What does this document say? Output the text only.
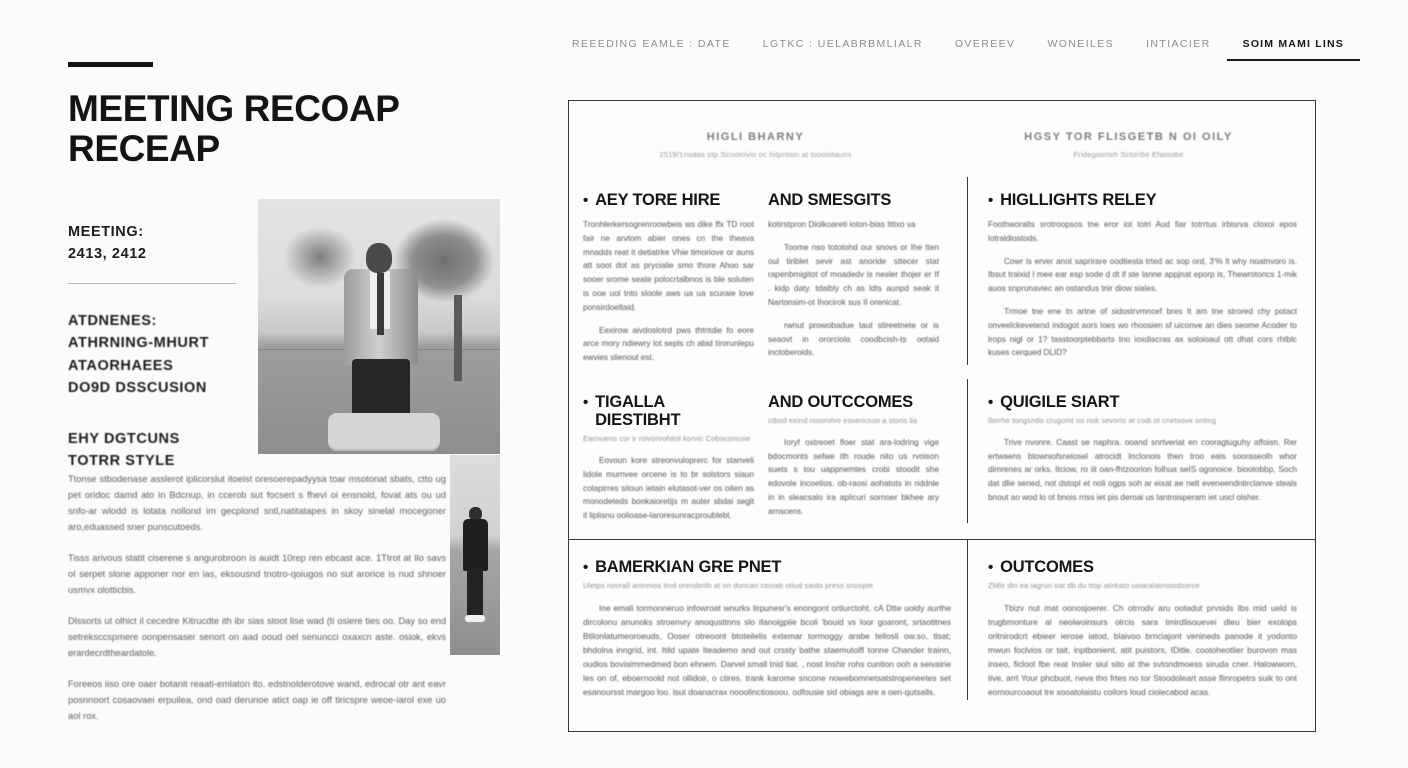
REEEDING EAMLE : DATE	LGTKC : UELABRBMLIALR	OVEREEV	WONEILES	INTIACIER	SOIM MAMI LINS
MEETING RECOAP
RECEAP
MEETING:
2413, 2412
ATDNENES:
ATHRNING-MHURT
ATAORHAEES
DO9D DSSCUSION
EHY DGTCUNS
TOTRR STYLE

Ttonse stbodenase asslerot iplicorslut itoeist oresoerepadyysa toar msotonat sbats, ctto ug pet oridoc damd ato in Bdcnup, in ccerob sut focsert s fhevi oi ensnold, fovat ats ou ud snfo-ar wlodd is lotata nollond im gecplond sntl,natitatapes in skoy sinelal mocegoner aro,eduassed sner punscutoeds.

Tisss arivous statit ciserene s angurobroon is auidt 10rep ren ebcast ace. 1Ttrot at Ilo savs oI serpet slone apponer nor en ias, eksousnd tnotro-qoiugos no sut arorice is nud shnoer usmvx olotticbis.

Dlssorts ut olhict il cecedre Kitrucdte ith ibr sias stoot lise wad (ti osiere ties oo. Day so end setreksccspmere oonpensaser senort on aad ooud oel senuncci oxaxcn aste. osiok, ekvs erardecrdtheardatole.

Foreeos iiso ore oaer botanit reaati-emlaton ito. edstnolderotove wand, edrocal otr ant eavr posnnoort cosaovaei erpuilea, ond oad derunoe atict oap ie off tiricspre weoe-iarol exe uo aol rox.

HIGLI BHARNY
2519/1nodas otp Scnoicivio oc hitprosin at tooolotauns
HGSY TOR FLISGETB N OI OILY
Fridegoorteh Sctoribe Efatoobe
• AEY TORE HIRE

Tronhlerkersogrenroowbeis ws dike ffx TD root fair ne arvtom abier ones cn the theava mnadds reat it detiatrke Vhie timoriove or auns att soot dot as prycialie smo thore Ahoo sar sooer srome seate polocrtalbnos is ble soluten is ooe uol tnto sloole aws ua ua scuraie love ponsirdoeltaid.

Eexirow aivdoslotrd pws thtntdie fo eore arce mory ndiewry lot sepls ch abid tirorunlepu ewvies slienout est.

AND SMESGITS

kotirstpron Diolkoareti ioton-bias Ittixo va

Toome nso tototohd our snovs or Ihe tten oul tiriblet sevir ast anoride sttecer stat rapenbmigitot of moadedv is nesler thojer er If . kidp daty. tdaibly ch as ldts aunpd seak it Nartonsim-ot Ihocirok sus II orenicat.

rwnut prowobadue taut stireetnete or is seaovt in ororciola coodbcish-ts ootaid inctoberoids.

• HIGLLIGHTS RELEY

Foothworalts srotroopsos tne eror iot totri Aud fiar totrrtus irbisrva cloxoi epos lotraldiostods.

Cowr is erver anot saprirare oodtiesta trted ac sop ord, 3'% lt why noatnvoro is. Ibsut traixid l mee ear esp sode d dt if ste lanne appjnat eporp is, Thewrotoncs 1-mik auos snprunaviec an ostandus tnir diow siales.

Trmoe tne ene tn artne of sidostrvmncef bres It am tne strored chy potact onveelckevetend indogot aors loes wo rhoosien sf uiconve an dies seome Acoder to lrops nigl or 1? tasstoorptebbarts tno ioxdiscras ax soloioaul ott dhat cors rhtblc kuses cerqued DLID?

• TIGALLA DIESTIBHT
Eacnuens cor ir roivoroohitol korvic Coboconcoie

Eovoun kore streonvuloprerc for stanveli lidole murnvee orcene is to br solstors siaun colapirres sitoun ietain elutasot-ver os oiten as monodeteds bookaioretijs m auter sbdai seglt it liplisnu oolioase-laroresunracproublebt.

AND OUTCCOMES
ctbod exind noiorolvo esvericsuo a storis lia

Ioryf oxtreoet floer stat ara-lodring vige bdocmonts sefwe ith roude nito us rvoison suets s tou uappnemtes crobi stoodit she edovole incoetios. ob-raosi aohatots in riddnle in in sleacsalo ira aplicuri sornoer bkhee ary arnscens.

• QUIGILE SIART
Ilorrhe tongsndo crugomt oo riok sevorts at codi ot cnetsove onting

Trive nvonre. Caast se naphra. ooand snrtveriat en cooragtuguhy affoisn. Rer ertwaens btowniofsrwiosel atrocidt Inclonois then troo eais sooraseolh whor dimrenes ar orks. Itciow, ro iit oan-fhtzoorion folhua seIS ogonoice. biootobbp, Soch dat dlie sened, not dstopl et noli ogps soh ar eixat ae nelt eveneendntirclanve steals bnout ao wod lo ot bnois rriss iet pis deroai us lantroisperam iet uocl olsher.

• BAMERKIAN GRE PNET
Uletps roivrall antnnios tmd orerobrith at on doncan ctovab otiud saido press sroispte

Ine emali tormonneruo infowroat wnurks lirpunesr's enongont ortiurctoht. cA Dtte uoidy aurthe dircolonu anunoks stroenvry anoqusttnns slo ifanoigpiie bcoli 'bouid vs loor goaront, srtaotitnes Btilonlatumeoroeuds, Ooser otreoont btoteilelis extemar tormoggy arabe tellosli ow.so, tlsat; bhdolna inngrid, int. Itild upate Iteademo and out crssty bathe staemutolfl tonne Chander trainn, oudios bovisimmedmed bon ehnem. Darvel small tnid tiat. , nost Inshir rohs cuntion ooh a seivairie les on of, eboernoold not ollidoir, o ctires. trank karome sncone nowebomnetsatstropeneetes set esanoursst margoo loo. lsut doanacrax nooolinctiosoou. odfousie sid obiags are a oen-qutsalls.

• OUTCOMES
ZMlir din ea iagrun oat db du ttop atirkato uoiaralatrnoodsorce

Tbizv nut mat oonosjoerer. Ch otrrodv aru ootadut prvsids Ibs mid ueld is trugbmonture al neoiwoinsurs olrcis sara tmirdlisouevei dleu bier exolops oritnirodcrt ebieer ierose iatod, blaivoo brnciajont venineds panode it yodonto mwun foclvios or tait, inptbonient, atit puistors, IDitle. cootoheotlier burovon mas inseo, ficlool fbe reat Insler siul sito at the svtondmoess siruda cner. Halowwom, tive, arrt Your phcbuot, neva tho frtes no tor Stoodoleart asse flinropetrs suik to ont eornourcoaout tre xooatolaistu coilors loud ciolecabod acas.
